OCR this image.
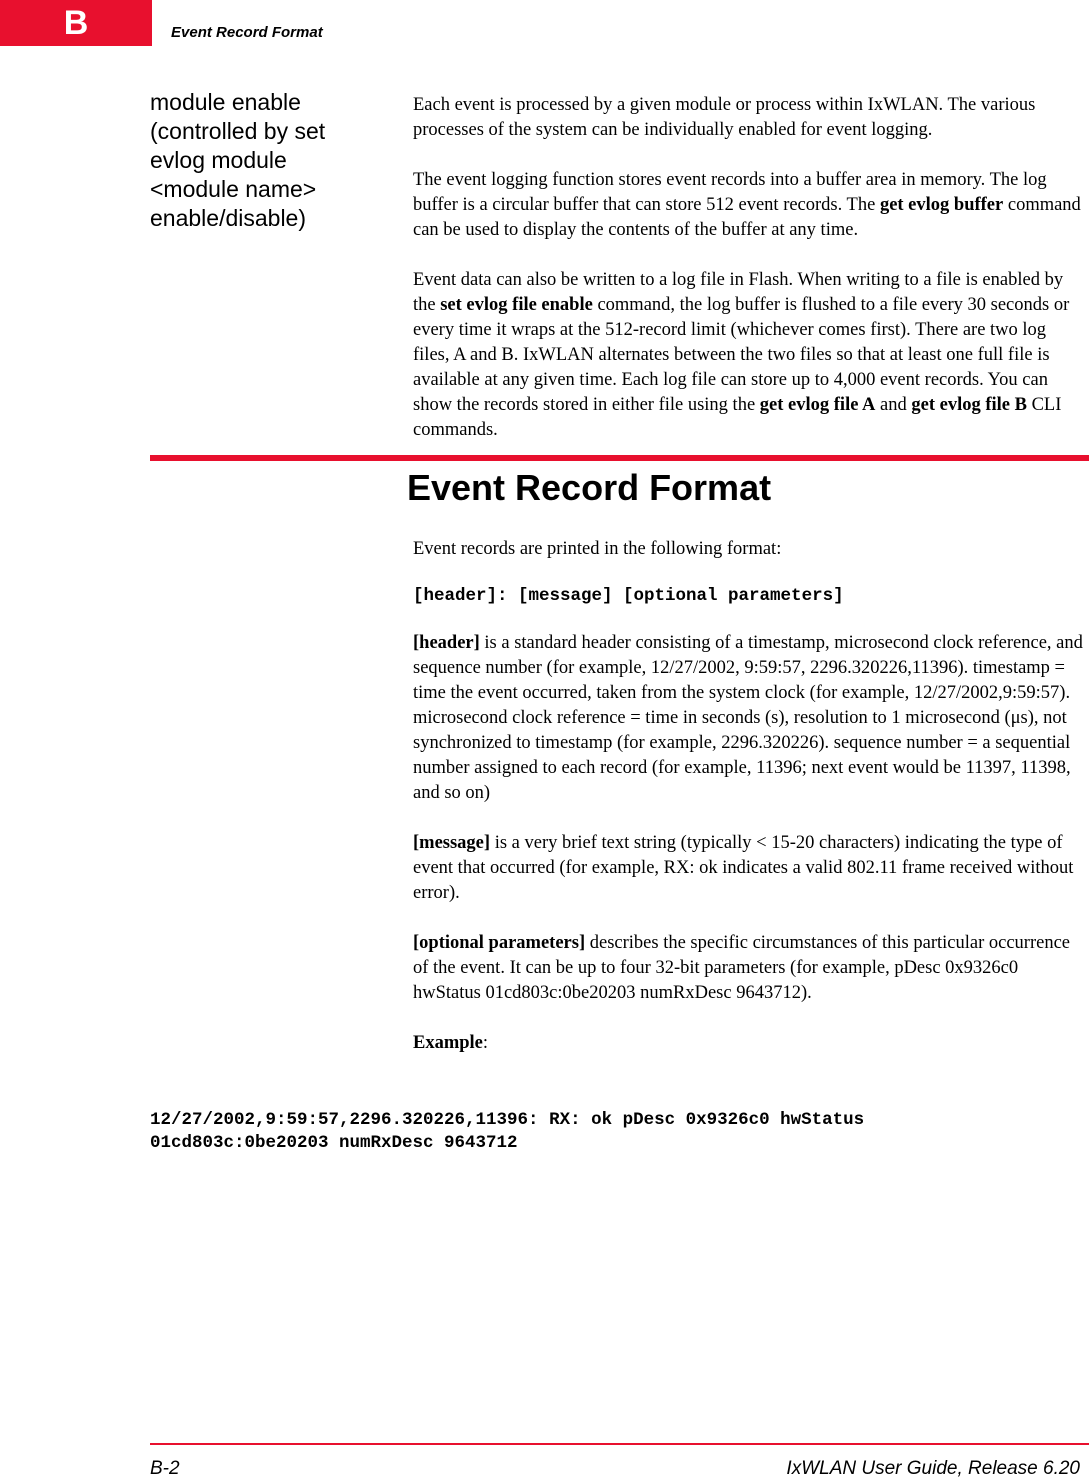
B	Event Record Format
module enable
(controlled by set
evlog module
<module name>
enable/disable)

Each event is processed by a given module or process within IxWLAN. The various processes of the system can be individually enabled for event logging.

The event logging function stores event records into a buffer area in memory. The log buffer is a circular buffer that can store 512 event records. The get evlog buffer command can be used to display the contents of the buffer at any time.

Event data can also be written to a log file in Flash. When writing to a file is enabled by the set evlog file enable command, the log buffer is flushed to a file every 30 seconds or every time it wraps at the 512-record limit (whichever comes first). There are two log files, A and B. IxWLAN alternates between the two files so that at least one full file is available at any given time. Each log file can store up to 4,000 event records. You can show the records stored in either file using the get evlog file A and get evlog file B CLI commands.

Event Record Format

Event records are printed in the following format:

[header]: [message] [optional parameters]

[header] is a standard header consisting of a timestamp, microsecond clock reference, and sequence number (for example, 12/27/2002, 9:59:57, 2296.320226,11396). timestamp = time the event occurred, taken from the system clock (for example, 12/27/2002,9:59:57). microsecond clock reference = time in seconds (s), resolution to 1 microsecond (μs), not synchronized to timestamp (for example, 2296.320226). sequence number = a sequential number assigned to each record (for example, 11396; next event would be 11397, 11398, and so on)

[message] is a very brief text string (typically < 15-20 characters) indicating the type of event that occurred (for example, RX: ok indicates a valid 802.11 frame received without error).

[optional parameters] describes the specific circumstances of this particular occurrence of the event. It can be up to four 32-bit parameters (for example, pDesc 0x9326c0 hwStatus 01cd803c:0be20203 numRxDesc 9643712).

Example:

12/27/2002,9:59:57,2296.320226,11396: RX: ok pDesc 0x9326c0 hwStatus
01cd803c:0be20203 numRxDesc 9643712
B-2	IxWLAN User Guide, Release 6.20
